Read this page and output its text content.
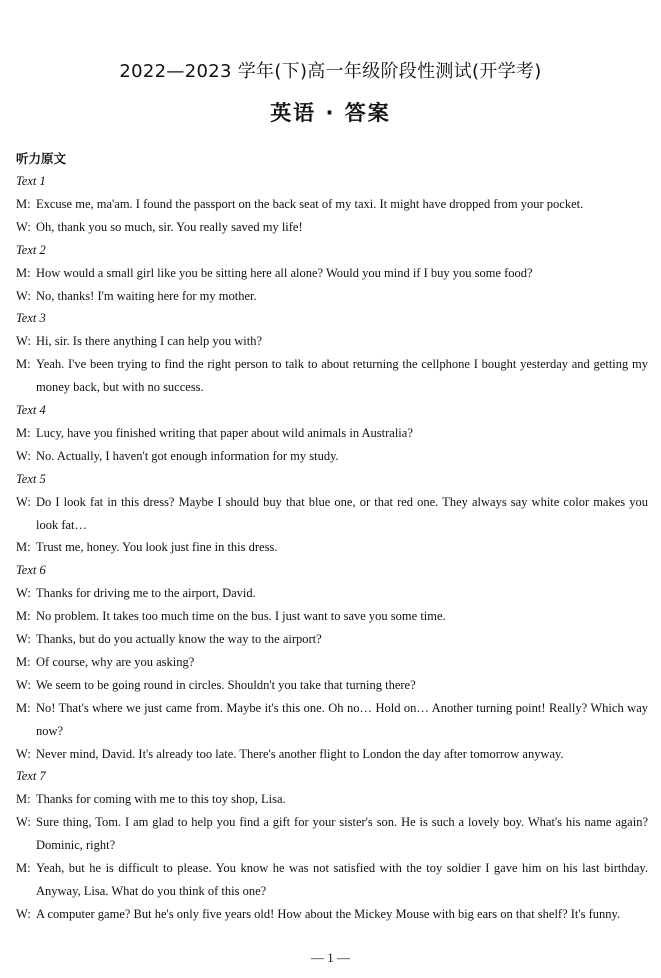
2022—2023 学年(下)高一年级阶段性测试(开学考)
英语 · 答案
听力原文
Text 1
M: Excuse me, ma'am. I found the passport on the back seat of my taxi. It might have dropped from your pocket.
W: Oh, thank you so much, sir. You really saved my life!
Text 2
M: How would a small girl like you be sitting here all alone? Would you mind if I buy you some food?
W: No, thanks! I'm waiting here for my mother.
Text 3
W: Hi, sir. Is there anything I can help you with?
M: Yeah. I've been trying to find the right person to talk to about returning the cellphone I bought yesterday and getting my money back, but with no success.
Text 4
M: Lucy, have you finished writing that paper about wild animals in Australia?
W: No. Actually, I haven't got enough information for my study.
Text 5
W: Do I look fat in this dress? Maybe I should buy that blue one, or that red one. They always say white color makes you look fat…
M: Trust me, honey. You look just fine in this dress.
Text 6
W: Thanks for driving me to the airport, David.
M: No problem. It takes too much time on the bus. I just want to save you some time.
W: Thanks, but do you actually know the way to the airport?
M: Of course, why are you asking?
W: We seem to be going round in circles. Shouldn't you take that turning there?
M: No! That's where we just came from. Maybe it's this one. Oh no… Hold on… Another turning point! Really? Which way now?
W: Never mind, David. It's already too late. There's another flight to London the day after tomorrow anyway.
Text 7
M: Thanks for coming with me to this toy shop, Lisa.
W: Sure thing, Tom. I am glad to help you find a gift for your sister's son. He is such a lovely boy. What's his name again? Dominic, right?
M: Yeah, but he is difficult to please. You know he was not satisfied with the toy soldier I gave him on his last birthday. Anyway, Lisa. What do you think of this one?
W: A computer game? But he's only five years old! How about the Mickey Mouse with big ears on that shelf? It's funny.
— 1 —
